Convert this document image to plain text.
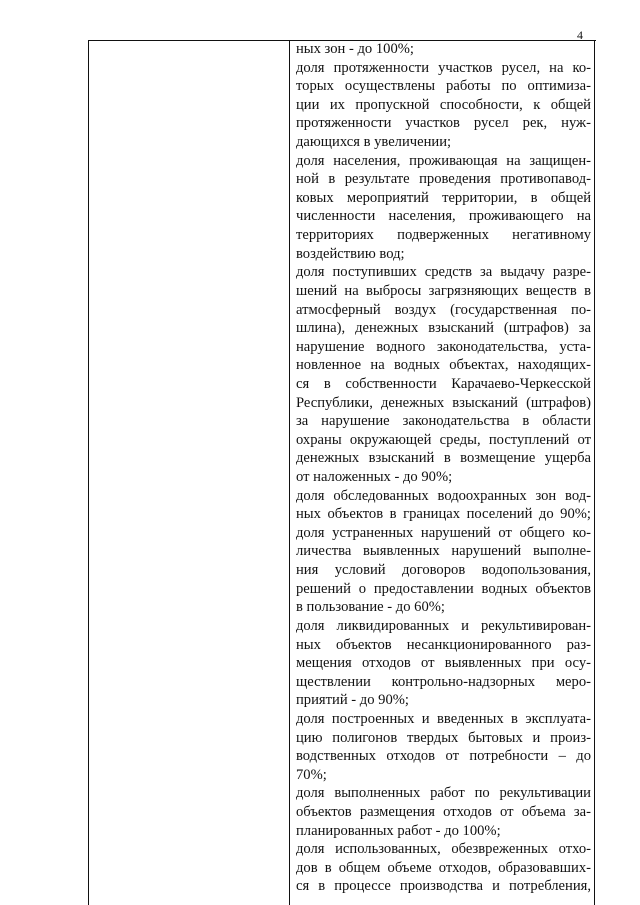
4
ных зон - до 100%;
доля протяженности участков русел, на ко-
торых осуществлены работы по оптимиза-
ции их пропускной способности, к общей
протяженности участков русел рек, нуж-
дающихся в увеличении;
доля населения, проживающая на защищен-
ной в результате проведения противопавод-
ковых мероприятий территории, в общей
численности населения, проживающего на
территориях подверженных негативному
воздействию вод;
доля поступивших средств за выдачу разре-
шений на выбросы загрязняющих веществ в
атмосферный воздух (государственная по-
шлина), денежных взысканий (штрафов) за
нарушение водного законодательства, уста-
новленное на водных объектах, находящих-
ся в собственности Карачаево-Черкесской
Республики, денежных взысканий (штрафов)
за нарушение законодательства в области
охраны окружающей среды, поступлений от
денежных взысканий в возмещение ущерба
от наложенных - до 90%;
доля обследованных водоохранных зон вод-
ных объектов в границах поселений до 90%;
доля устраненных нарушений от общего ко-
личества выявленных нарушений выполне-
ния условий договоров водопользования,
решений о предоставлении водных объектов
в пользование - до 60%;
доля ликвидированных и рекультивирован-
ных объектов несанкционированного раз-
мещения отходов от выявленных при осу-
ществлении контрольно-надзорных меро-
приятий - до 90%;
доля построенных и введенных в эксплуата-
цию полигонов твердых бытовых и произ-
водственных отходов от потребности – до
70%;
доля выполненных работ по рекультивации
объектов размещения отходов от объема за-
планированных работ - до 100%;
доля использованных, обезвреженных отхо-
дов в общем объеме отходов, образовавших-
ся в процессе производства и потребления,
